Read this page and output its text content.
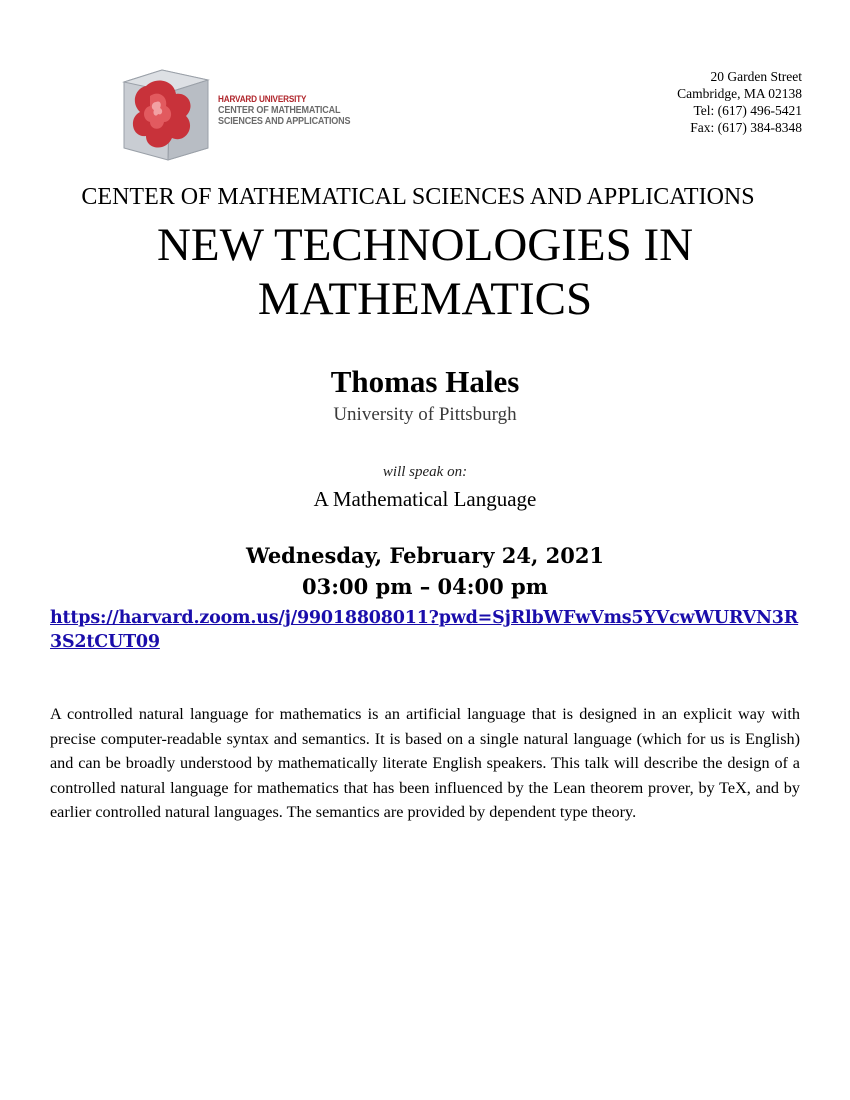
HARVARD UNIVERSITY
CENTER OF MATHEMATICAL
SCIENCES AND APPLICATIONS
20 Garden Street
Cambridge, MA 02138
Tel: (617) 496-5421
Fax: (617) 384-8348
CENTER OF MATHEMATICAL SCIENCES AND APPLICATIONS
NEW TECHNOLOGIES IN
MATHEMATICS
Thomas Hales
University of Pittsburgh
will speak on:
A Mathematical Language
Wednesday, February 24, 2021
03:00 pm – 04:00 pm
https://harvard.zoom.us/j/99018808011?pwd=SjRlbWFwVms5YVcwWURVN3R3S2tCUT09
A controlled natural language for mathematics is an artificial language that is designed in an explicit way with precise computer-readable syntax and semantics. It is based on a single natural language (which for us is English) and can be broadly understood by mathematically literate English speakers. This talk will describe the design of a controlled natural language for mathematics that has been influenced by the Lean theorem prover, by TeX, and by earlier controlled natural languages. The semantics are provided by dependent type theory.
